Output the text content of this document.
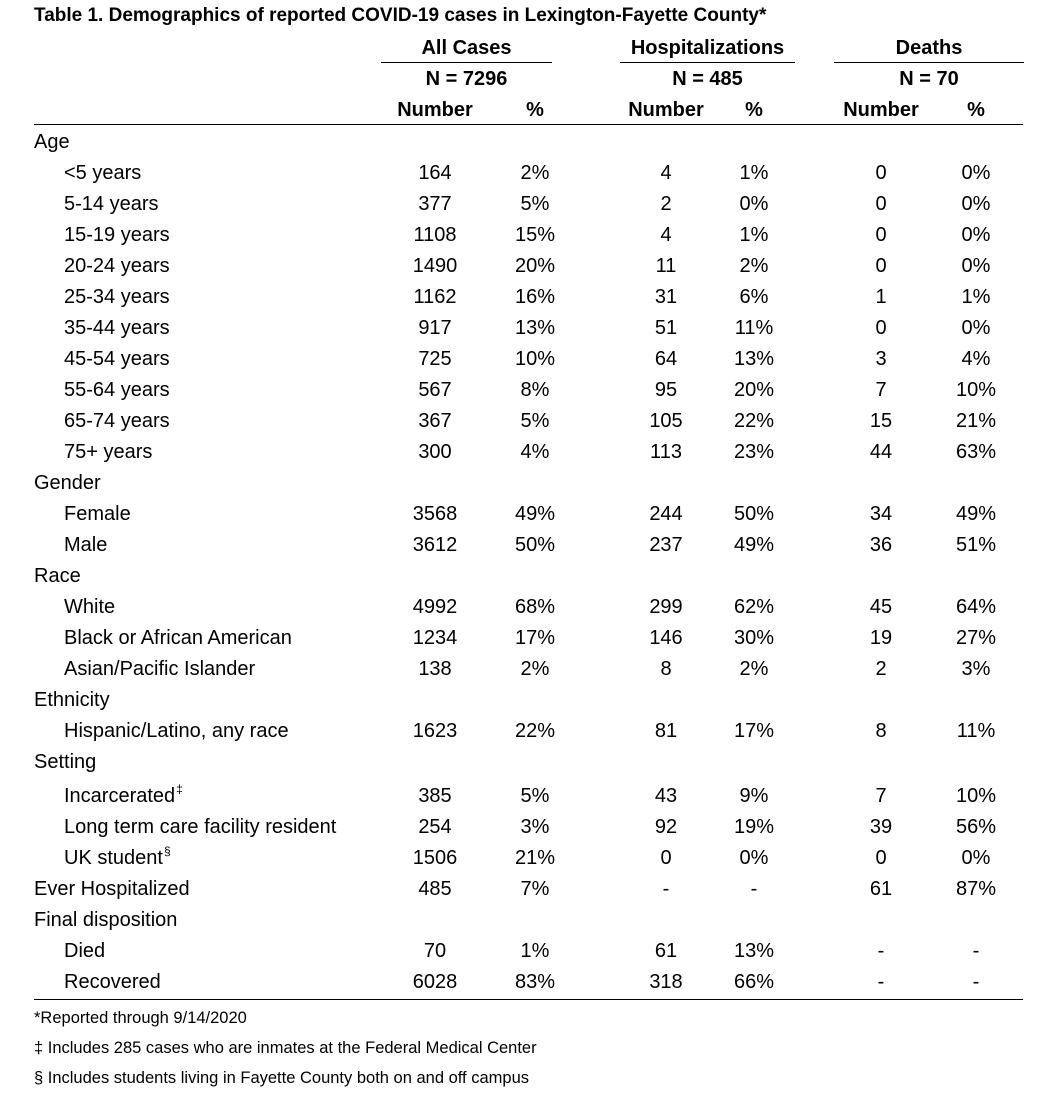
Table 1. Demographics of reported COVID-19 cases in Lexington-Fayette County*
All Cases
N = 7296
Hospitalizations
N = 485
Deaths
N = 70
Number	%	Number %	Number %
Age
<5 years	164	2%	4	1%	0	0%
5-14 years	377	5%	2	0%	0	0%
15-19 years	1108	15%	4	1%	0	0%
20-24 years	1490	20%	11	2%	0	0%
25-34 years	1162	16%	31	6%	1	1%
35-44 years	917	13%	51	11%	0	0%
45-54 years	725	10%	64	13%	3	4%
55-64 years	567	8%	95	20%	7	10%
65-74 years	367	5%	105	22%	15	21%
75+ years	300	4%	113	23%	44	63%
Gender
Female	3568	49%	244	50%	34	49%
Male	3612	50%	237	49%	36	51%
Race
White	4992	68%	299	62%	45	64%
Black or African American	1234	17%	146	30%	19	27%
Asian/Pacific Islander	138	2%	8	2%	2	3%
Ethnicity
Hispanic/Latino, any race	1623	22%	81	17%	8	11%
Setting
Incarcerated‡	385	5%	43	9%	7	10%
Long term care facility resident	254	3%	92	19%	39	56%
UK student§	1506	21%	0	0%	0	0%
Ever Hospitalized	485	7%	-	-	61	87%
Final disposition
Died	70	1%	61	13%	-	-
Recovered	6028	83%	318	66%	-	-
*Reported through 9/14/2020
‡ Includes 285 cases who are inmates at the Federal Medical Center
§ Includes students living in Fayette County both on and off campus
